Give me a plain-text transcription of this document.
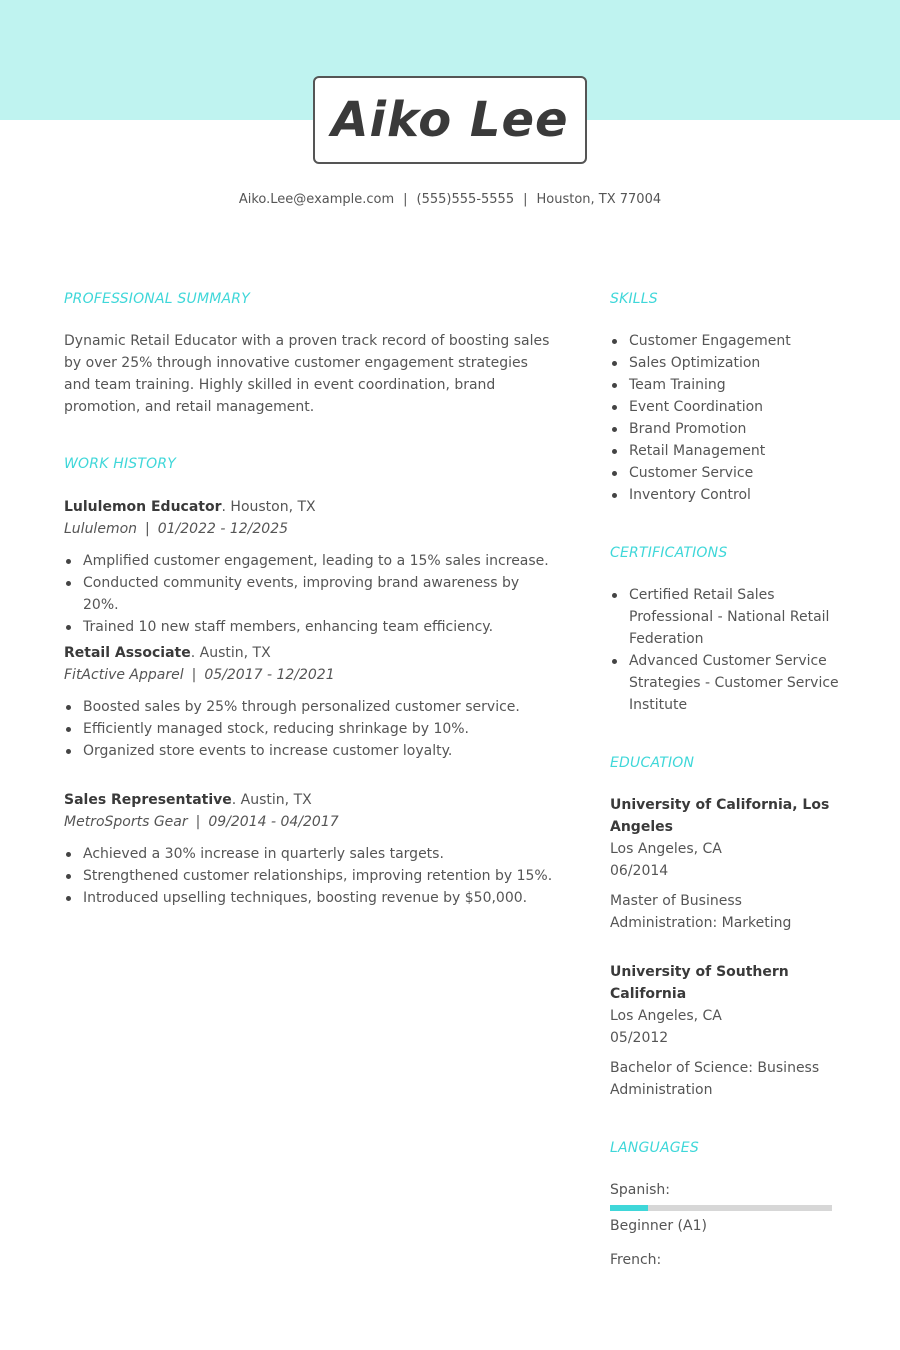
Aiko Lee
Aiko.Lee@example.com | (555)555-5555 | Houston, TX 77004
PROFESSIONAL SUMMARY
Dynamic Retail Educator with a proven track record of boosting sales by over 25% through innovative customer engagement strategies and team training. Highly skilled in event coordination, brand promotion, and retail management.
WORK HISTORY
Lululemon Educator. Houston, TX
Lululemon | 01/2022 - 12/2025
Amplified customer engagement, leading to a 15% sales increase.
Conducted community events, improving brand awareness by 20%.
Trained 10 new staff members, enhancing team efficiency.
Retail Associate. Austin, TX
FitActive Apparel | 05/2017 - 12/2021
Boosted sales by 25% through personalized customer service.
Efficiently managed stock, reducing shrinkage by 10%.
Organized store events to increase customer loyalty.
Sales Representative. Austin, TX
MetroSports Gear | 09/2014 - 04/2017
Achieved a 30% increase in quarterly sales targets.
Strengthened customer relationships, improving retention by 15%.
Introduced upselling techniques, boosting revenue by $50,000.
SKILLS
Customer Engagement
Sales Optimization
Team Training
Event Coordination
Brand Promotion
Retail Management
Customer Service
Inventory Control
CERTIFICATIONS
Certified Retail Sales Professional - National Retail Federation
Advanced Customer Service Strategies - Customer Service Institute
EDUCATION
University of California, Los Angeles
Los Angeles, CA
06/2014
Master of Business Administration: Marketing
University of Southern California
Los Angeles, CA
05/2012
Bachelor of Science: Business Administration
LANGUAGES
Spanish:
Beginner (A1)
French:
